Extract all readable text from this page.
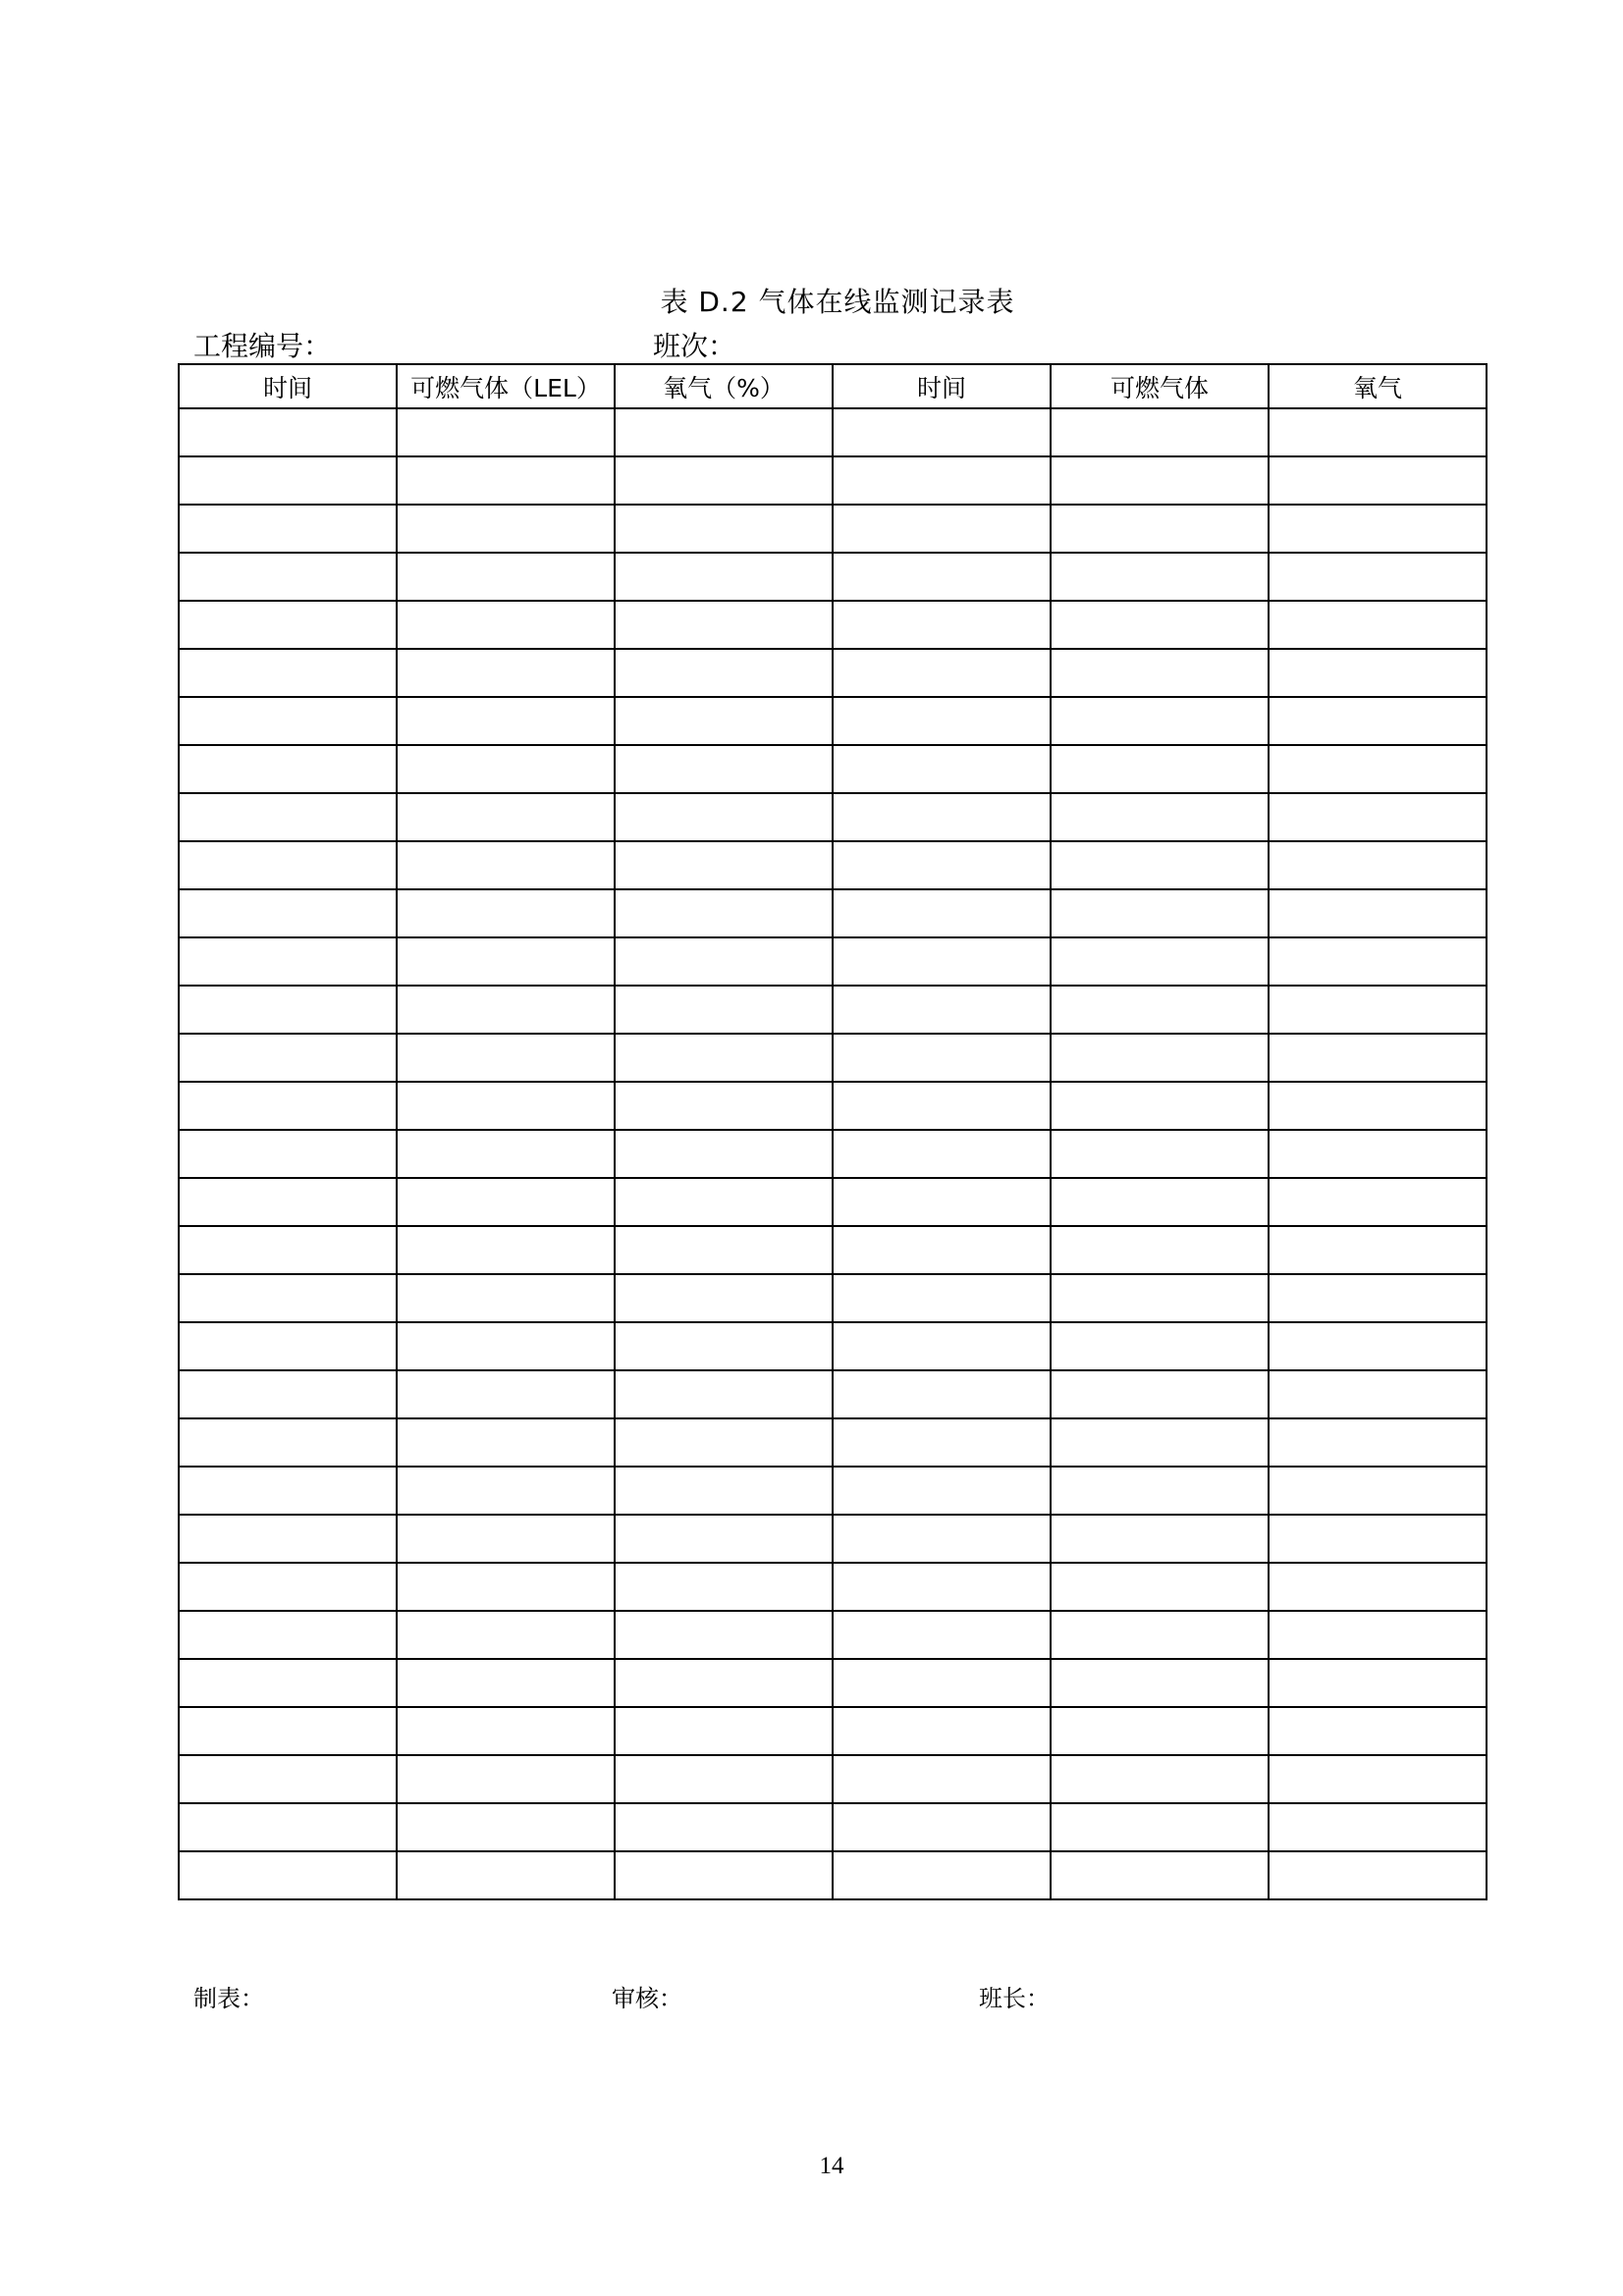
表 D.2 气体在线监测记录表
工程编号：	班次：
时间	可燃气体（LEL）	氧气（%）	时间	可燃气体	氧气

制表：	审核：	班长：
14
